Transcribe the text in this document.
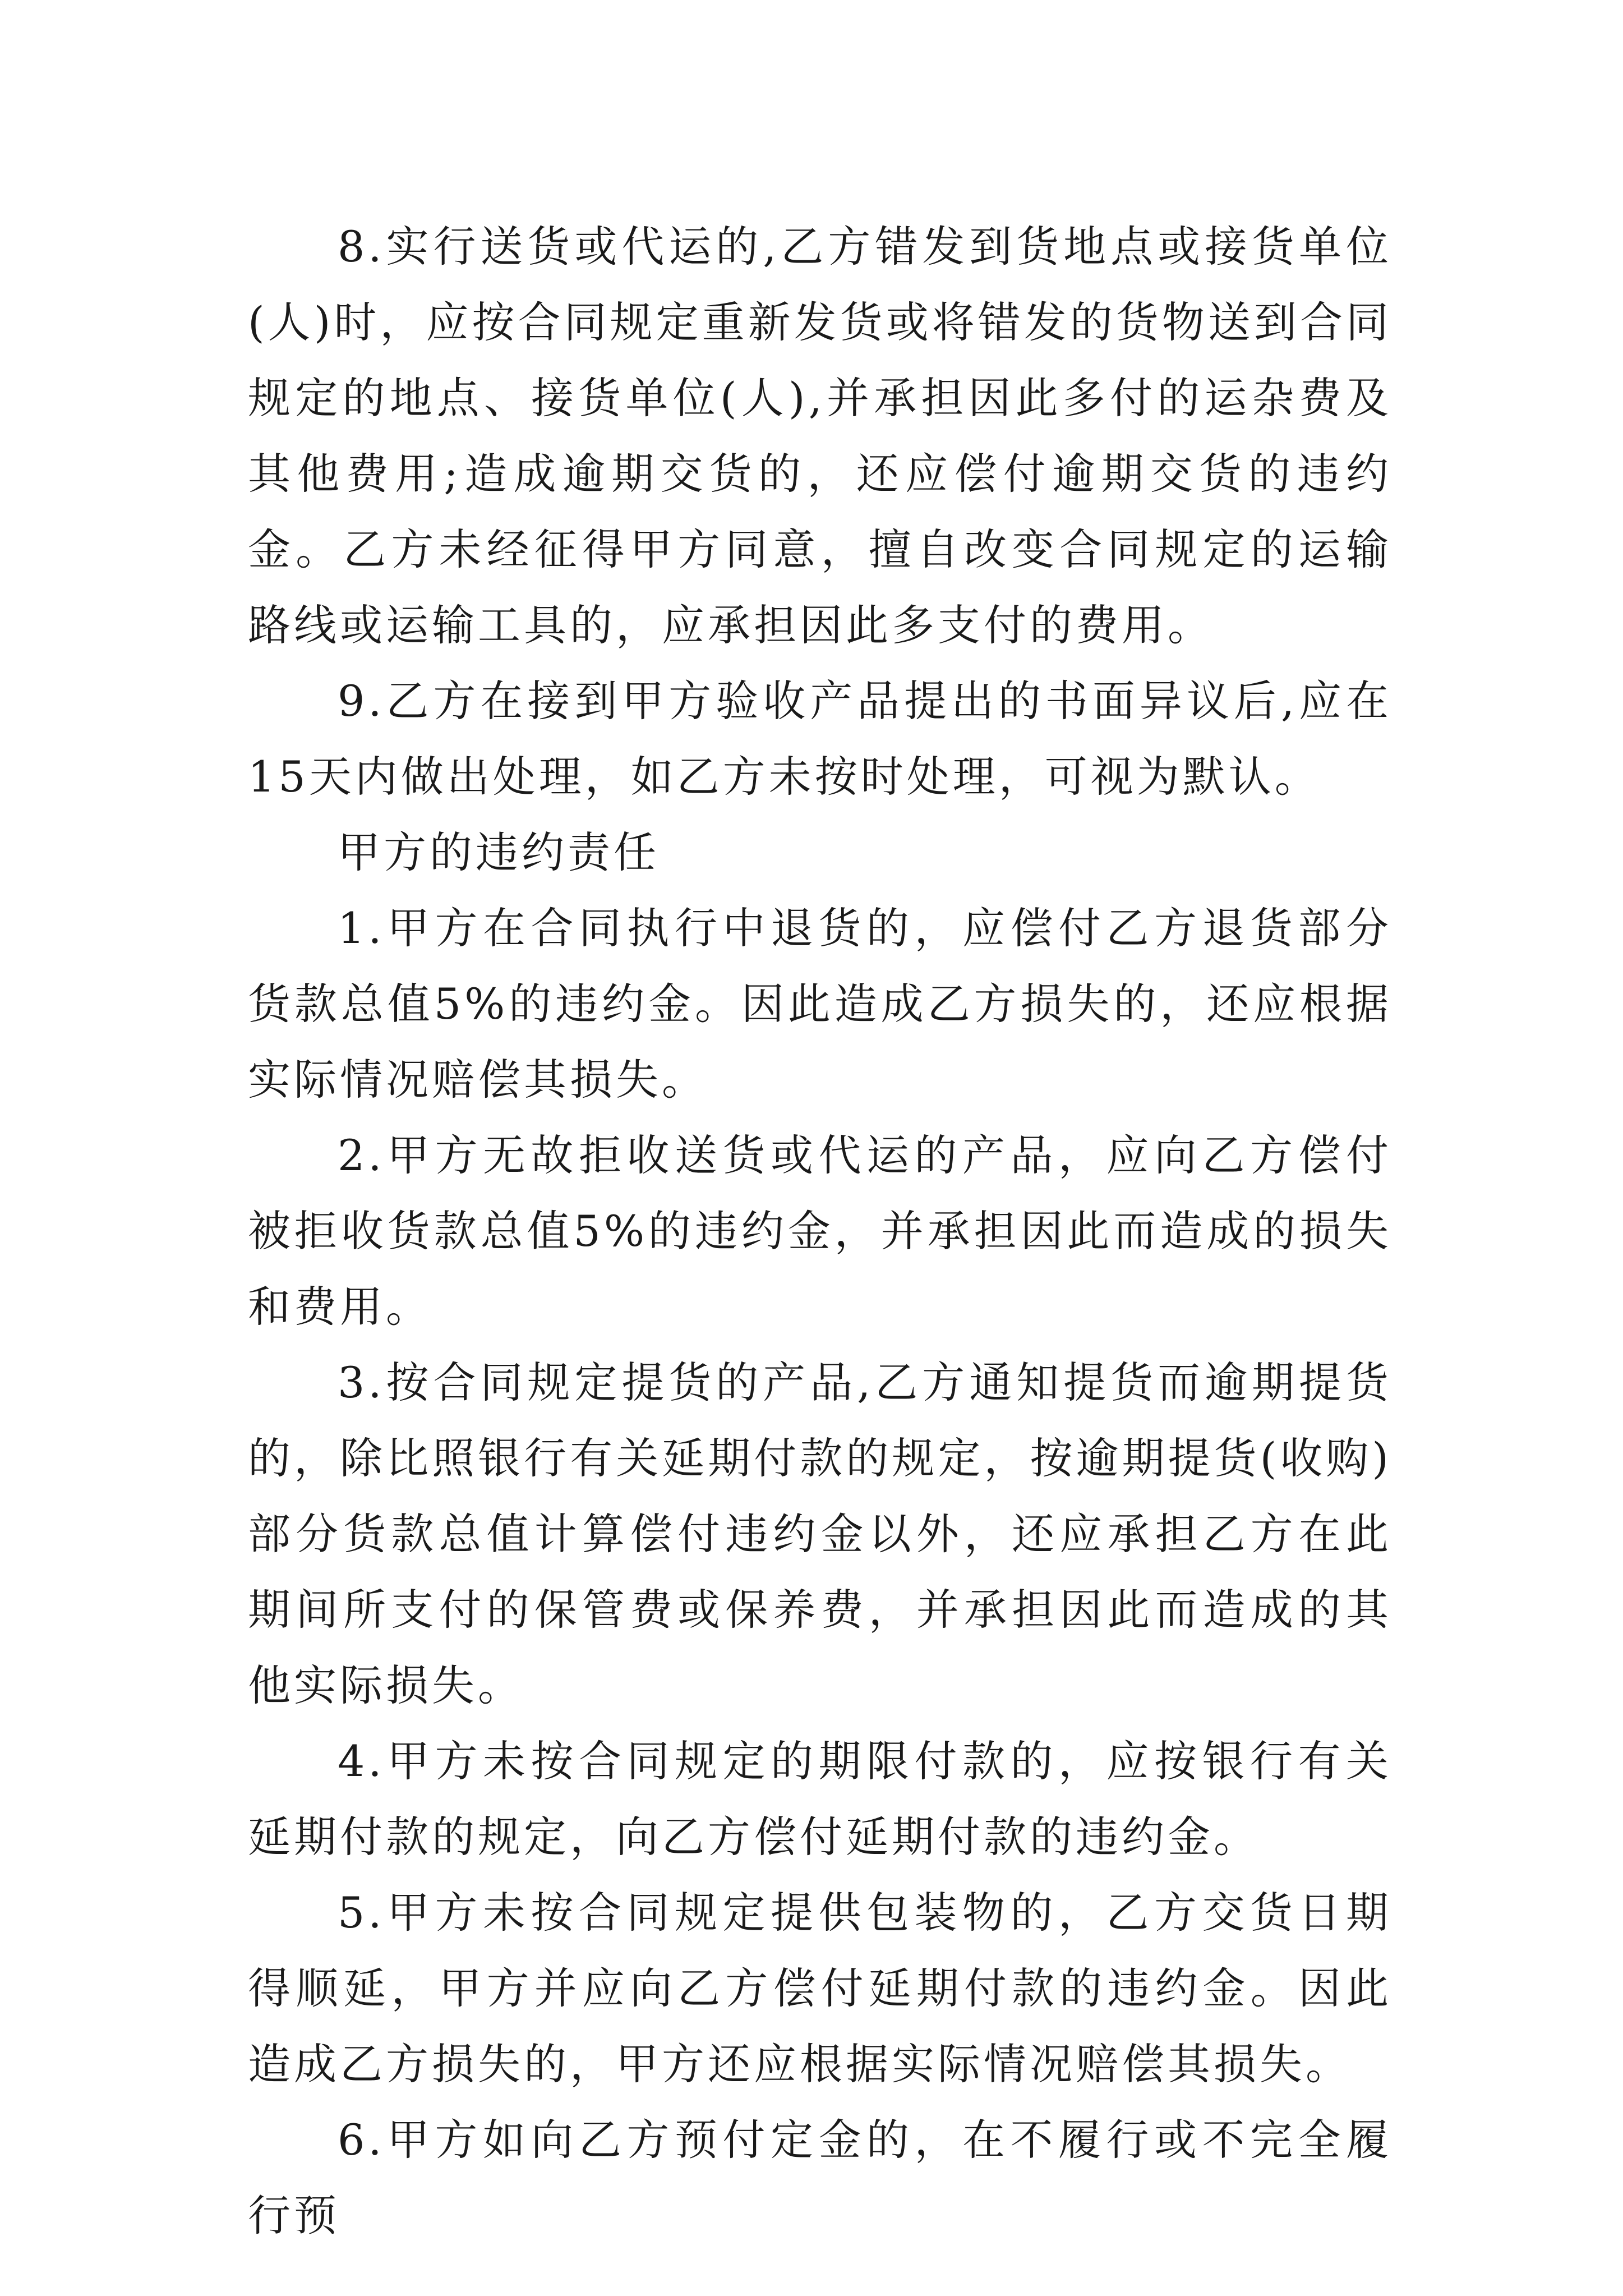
8.实行送货或代运的,乙方错发到货地点或接货单位(人)时，应按合同规定重新发货或将错发的货物送到合同规定的地点、接货单位(人),并承担因此多付的运杂费及其他费用;造成逾期交货的，还应偿付逾期交货的违约金。乙方未经征得甲方同意，擅自改变合同规定的运输路线或运输工具的，应承担因此多支付的费用。

9.乙方在接到甲方验收产品提出的书面异议后,应在15天内做出处理，如乙方未按时处理，可视为默认。

甲方的违约责任

1.甲方在合同执行中退货的，应偿付乙方退货部分货款总值5%的违约金。因此造成乙方损失的，还应根据实际情况赔偿其损失。

2.甲方无故拒收送货或代运的产品，应向乙方偿付被拒收货款总值5%的违约金，并承担因此而造成的损失和费用。

3.按合同规定提货的产品,乙方通知提货而逾期提货的，除比照银行有关延期付款的规定，按逾期提货(收购)部分货款总值计算偿付违约金以外，还应承担乙方在此期间所支付的保管费或保养费，并承担因此而造成的其他实际损失。

4.甲方未按合同规定的期限付款的，应按银行有关延期付款的规定，向乙方偿付延期付款的违约金。

5.甲方未按合同规定提供包装物的，乙方交货日期得顺延，甲方并应向乙方偿付延期付款的违约金。因此造成乙方损失的，甲方还应根据实际情况赔偿其损失。

6.甲方如向乙方预付定金的，在不履行或不完全履行预
